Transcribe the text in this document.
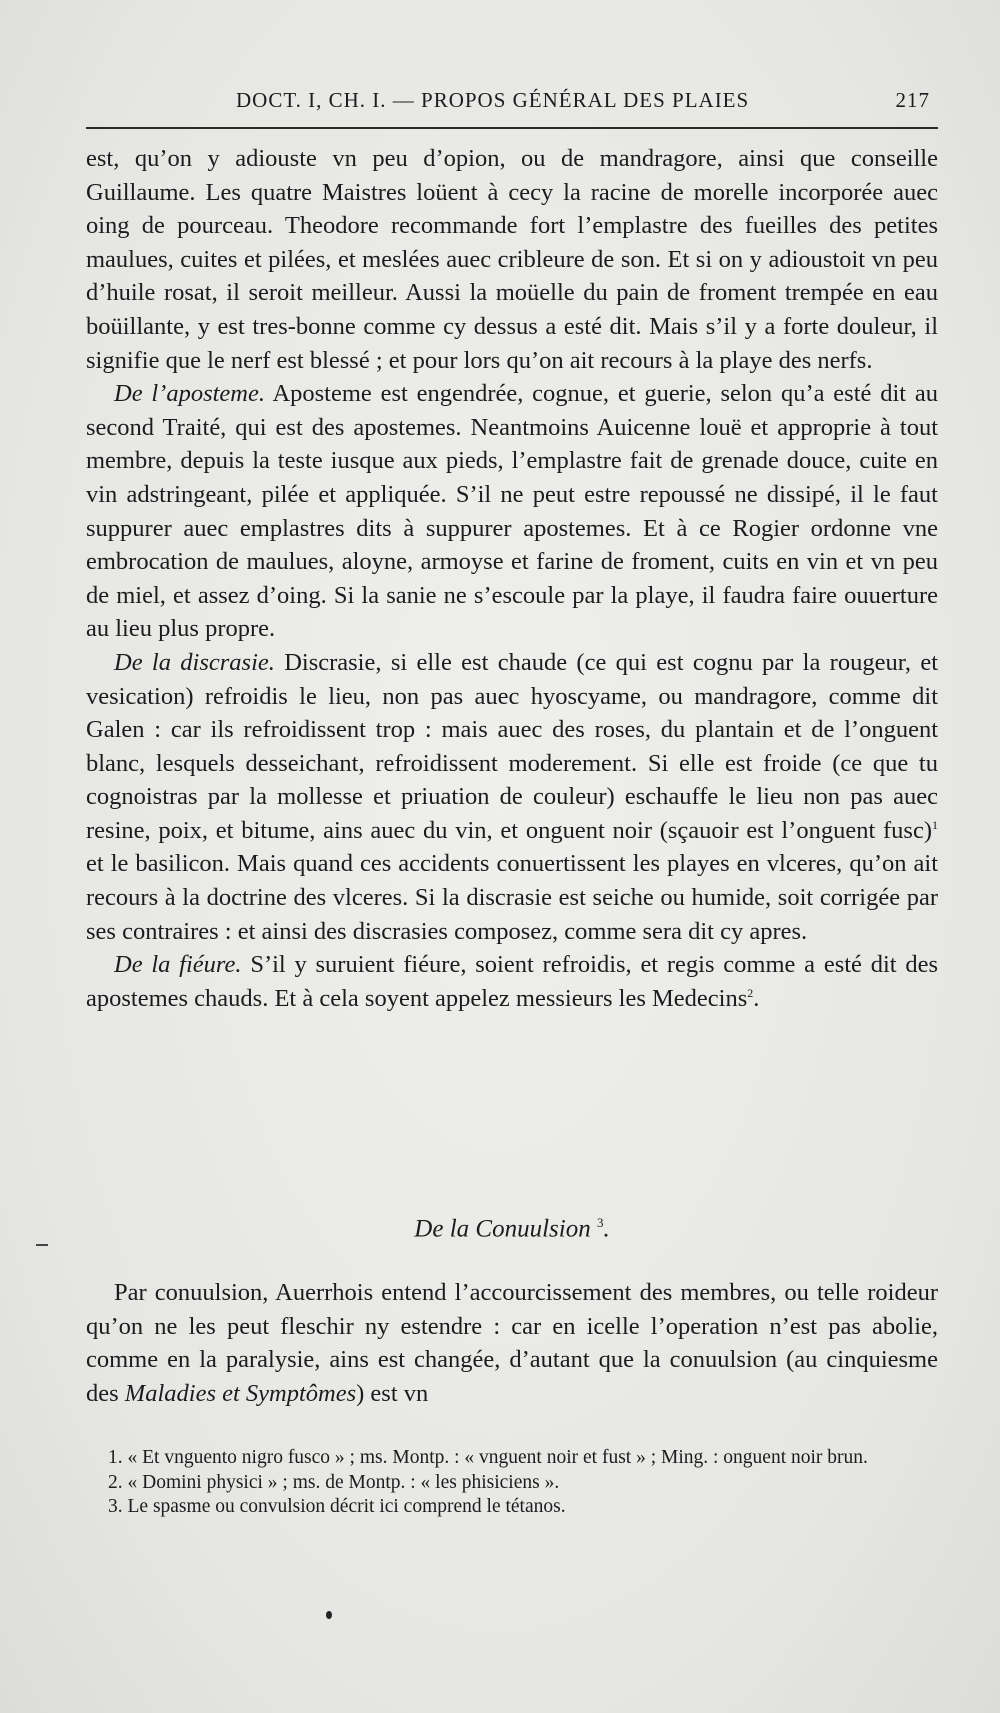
DOCT. I, CH. I. — PROPOS GÉNÉRAL DES PLAIES	217

est, qu’on y adiouste vn peu d’opion, ou de mandragore, ainsi que conseille Guillaume. Les quatre Maistres loüent à cecy la racine de morelle incorporée auec oing de pourceau. Theodore recommande fort l’emplastre des fueilles des petites maulues, cuites et pilées, et meslées auec cribleure de son. Et si on y adioustoit vn peu d’huile rosat, il seroit meilleur. Aussi la moüelle du pain de froment trempée en eau boüillante, y est tres-bonne comme cy dessus a esté dit. Mais s’il y a forte douleur, il signifie que le nerf est blessé ; et pour lors qu’on ait recours à la playe des nerfs.

De l’aposteme. Aposteme est engendrée, cognue, et guerie, selon qu’a esté dit au second Traité, qui est des apostemes. Neantmoins Auicenne louë et approprie à tout membre, depuis la teste iusque aux pieds, l’emplastre fait de grenade douce, cuite en vin adstringeant, pilée et appliquée. S’il ne peut estre repoussé ne dissipé, il le faut suppurer auec emplastres dits à suppurer apostemes. Et à ce Rogier ordonne vne embrocation de maulues, aloyne, armoyse et farine de froment, cuits en vin et vn peu de miel, et assez d’oing. Si la sanie ne s’escoule par la playe, il faudra faire ouuerture au lieu plus propre.

De la discrasie. Discrasie, si elle est chaude (ce qui est cognu par la rougeur, et vesication) refroidis le lieu, non pas auec hyoscyame, ou mandragore, comme dit Galen : car ils refroidissent trop : mais auec des roses, du plantain et de l’onguent blanc, lesquels desseichant, refroidissent moderement. Si elle est froide (ce que tu cognoistras par la mollesse et priuation de couleur) eschauffe le lieu non pas auec resine, poix, et bitume, ains auec du vin, et onguent noir (sçauoir est l’onguent fusc)$^1$ et le basilicon. Mais quand ces accidents conuertissent les playes en vlceres, qu’on ait recours à la doctrine des vlceres. Si la discrasie est seiche ou humide, soit corrigée par ses contraires : et ainsi des discrasies composez, comme sera dit cy apres.

De la fiéure. S’il y suruient fiéure, soient refroidis, et regis comme a esté dit des apostemes chauds. Et à cela soyent appelez messieurs les Medecins$^2$.

De la Conuulsion $^3$.

Par conuulsion, Auerrhois entend l’accourcissement des membres, ou telle roideur qu’on ne les peut fleschir ny estendre : car en icelle l’operation n’est pas abolie, comme en la paralysie, ains est changée, d’autant que la conuulsion (au cinquiesme des Maladies et Symptômes) est vn

1. « Et vnguento nigro fusco » ; ms. Montp. : « vnguent noir et fust » ; Ming. : onguent noir brun.

2. « Domini physici » ; ms. de Montp. : « les phisiciens ».

3. Le spasme ou convulsion décrit ici comprend le tétanos.
